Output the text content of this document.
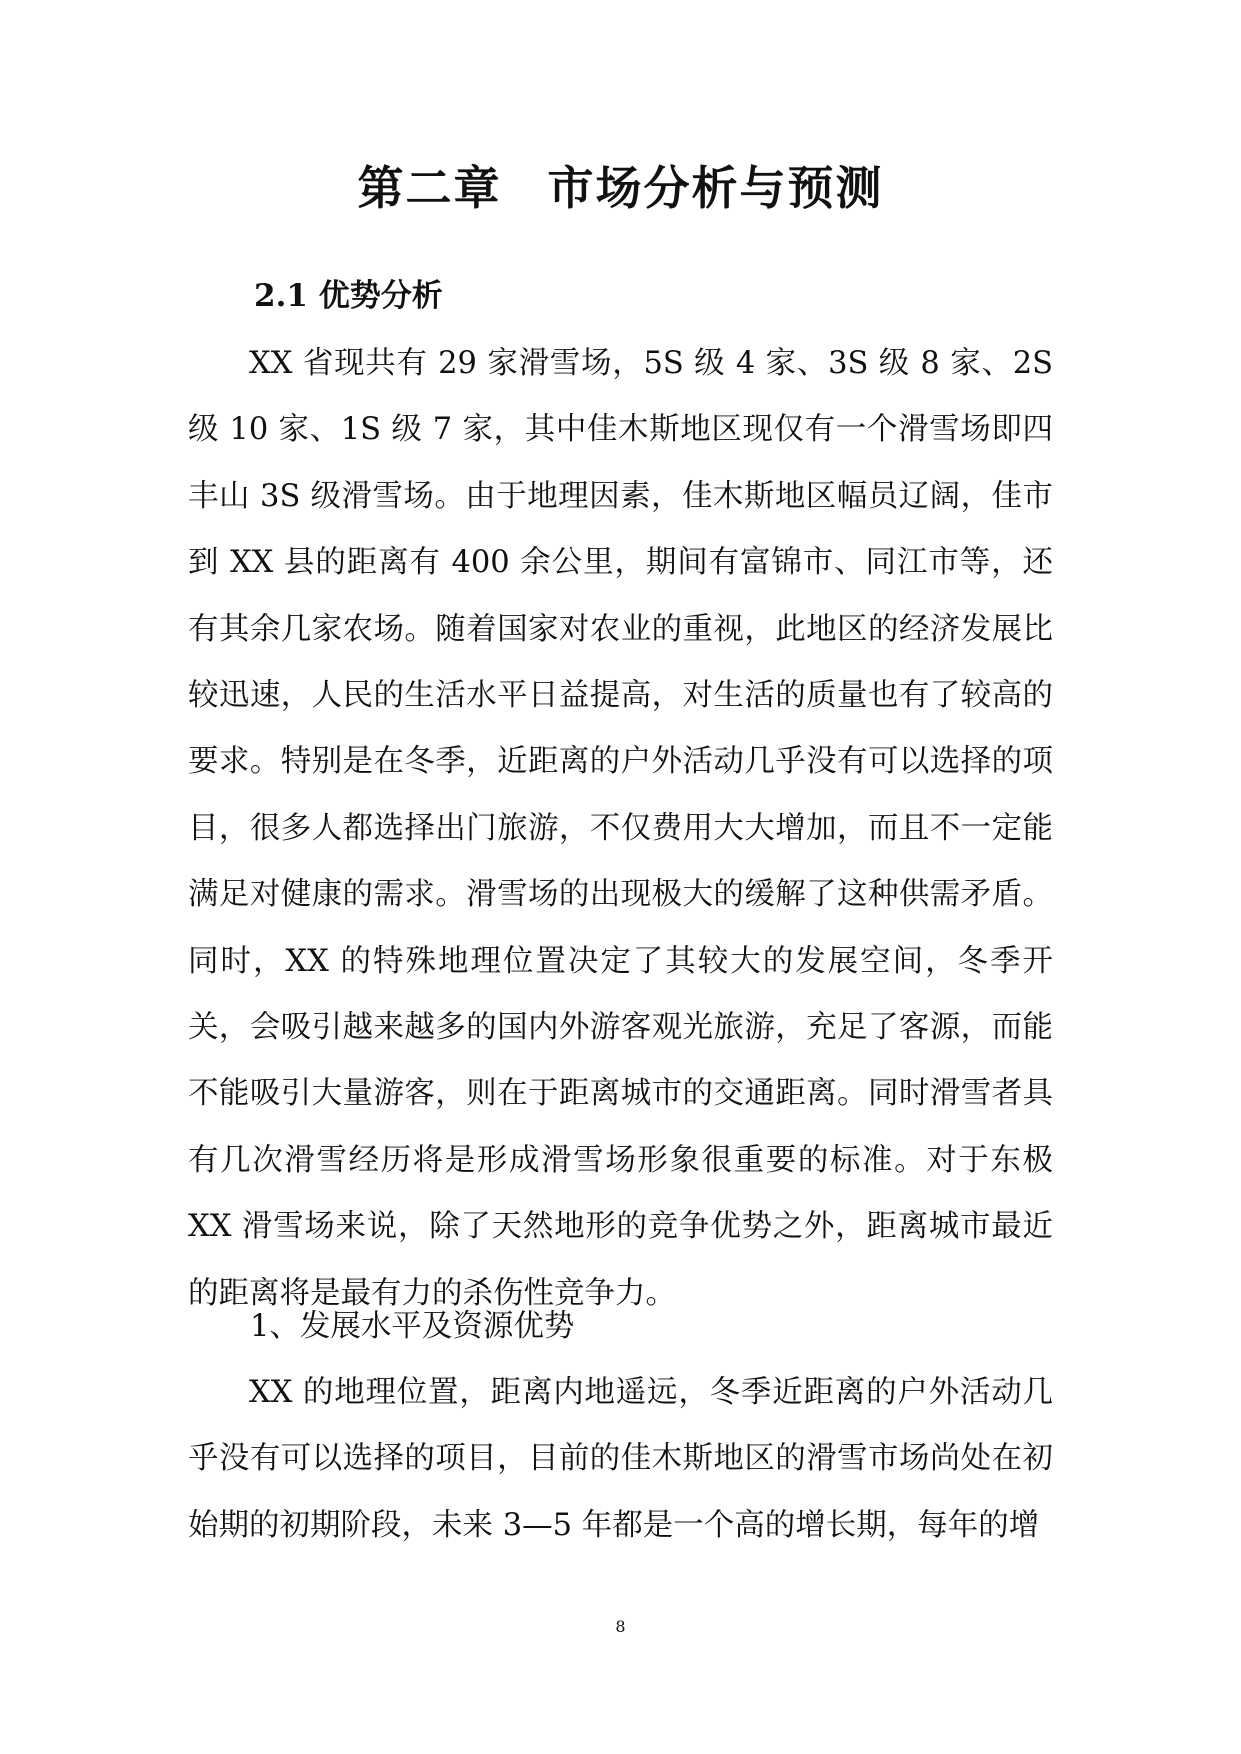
第二章 市场分析与预测
2.1 优势分析

XX 省现共有 29 家滑雪场，5S 级 4 家、3S 级 8 家、2S 级 10 家、1S 级 7 家，其中佳木斯地区现仅有一个滑雪场即四丰山 3S 级滑雪场。由于地理因素，佳木斯地区幅员辽阔，佳市到 XX 县的距离有 400 余公里，期间有富锦市、同江市等，还有其余几家农场。随着国家对农业的重视，此地区的经济发展比较迅速，人民的生活水平日益提高，对生活的质量也有了较高的要求。特别是在冬季，近距离的户外活动几乎没有可以选择的项目，很多人都选择出门旅游，不仅费用大大增加，而且不一定能满足对健康的需求。滑雪场的出现极大的缓解了这种供需矛盾。同时，XX 的特殊地理位置决定了其较大的发展空间，冬季开关，会吸引越来越多的国内外游客观光旅游，充足了客源，而能不能吸引大量游客，则在于距离城市的交通距离。同时滑雪者具有几次滑雪经历将是形成滑雪场形象很重要的标准。对于东极 XX 滑雪场来说，除了天然地形的竞争优势之外，距离城市最近的距离将是最有力的杀伤性竞争力。

1、发展水平及资源优势

XX 的地理位置，距离内地遥远，冬季近距离的户外活动几乎没有可以选择的项目，目前的佳木斯地区的滑雪市场尚处在初始期的初期阶段，未来 3—5 年都是一个高的增长期，每年的增

8
